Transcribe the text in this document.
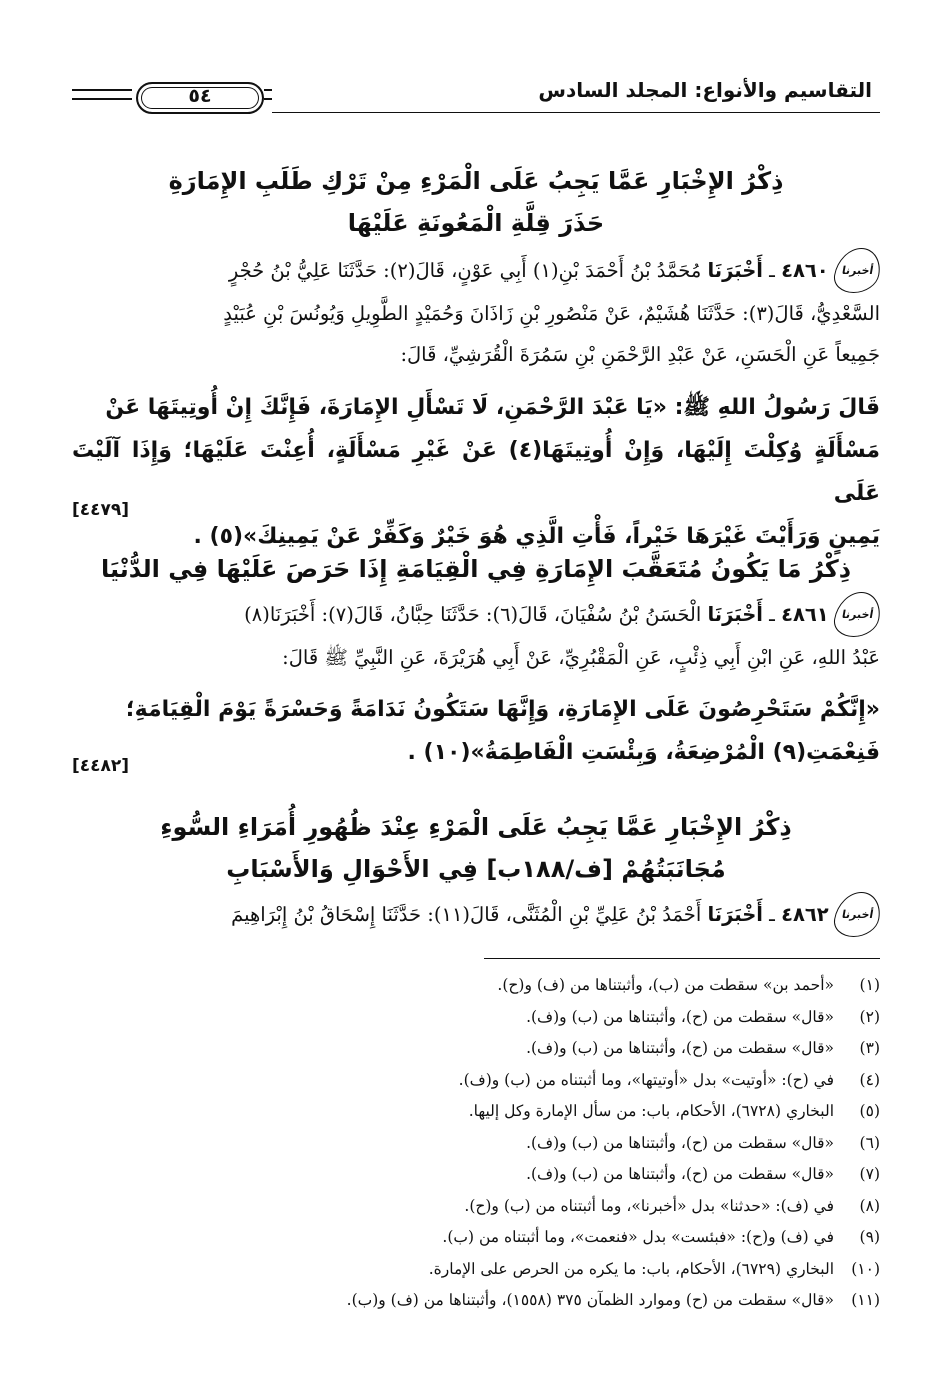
التقاسيم والأنواع: المجلد السادس
٥٤
ذِكْرُ الإِخْبَارِ عَمَّا يَجِبُ عَلَى الْمَرْءِ مِنْ تَرْكِ طَلَبِ الإِمَارَةِ
حَذَرَ قِلَّةِ الْمَعُونَةِ عَلَيْهَا
أخبرنا٤٨٦٠ ـ أَخْبَرَنَا مُحَمَّدُ بْنُ أَحْمَدَ بْنِ(١) أَبِي عَوْنٍ، قَالَ(٢): حَدَّثَنَا عَلِيُّ بْنُ حُجْرٍ
السَّعْدِيُّ، قَالَ(٣): حَدَّثَنَا هُشَيْمٌ، عَنْ مَنْصُورِ بْنِ زَاذَانَ وَحُمَيْدٍ الطَّوِيلِ وَيُونُسَ بْنِ عُبَيْدٍ
جَمِيعاً عَنِ الْحَسَنِ، عَنْ عَبْدِ الرَّحْمَنِ بْنِ سَمُرَةَ الْقُرَشِيِّ، قَالَ:
قَالَ رَسُولُ اللهِ ﷺ: «يَا عَبْدَ الرَّحْمَنِ، لَا تَسْأَلِ الإِمَارَةَ، فَإِنَّكَ إِنْ أُوتِيتَهَا عَنْ
مَسْأَلَةٍ وُكِلْتَ إِلَيْهَا، وَإِنْ أُوتِيتَهَا(٤) عَنْ غَيْرِ مَسْأَلَةٍ، أُعِنْتَ عَلَيْهَا؛ وَإِذَا آلَيْتَ عَلَى
يَمِينٍ وَرَأَيْتَ غَيْرَهَا خَيْراً، فَأْتِ الَّذِي هُوَ خَيْرٌ وَكَفِّرْ عَنْ يَمِينِكَ»(٥) .
[٤٤٧٩]
ذِكْرُ مَا يَكُونُ مُتَعَقَّبَ الإِمَارَةِ فِي الْقِيَامَةِ إِذَا حَرَصَ عَلَيْهَا فِي الدُّنْيَا
أخبرنا٤٨٦١ ـ أَخْبَرَنَا الْحَسَنُ بْنُ سُفْيَانَ، قَالَ(٦): حَدَّثَنَا حِبَّانُ، قَالَ(٧): أَخْبَرَنَا(٨)
عَبْدُ اللهِ، عَنِ ابْنِ أَبِي ذِئْبٍ، عَنِ الْمَقْبُرِيِّ، عَنْ أَبِي هُرَيْرَةَ، عَنِ النَّبِيِّ ﷺ قَالَ:
«إِنَّكُمْ سَتَحْرِصُونَ عَلَى الإِمَارَةِ، وَإِنَّهَا سَتَكُونُ نَدَامَةً وَحَسْرَةً يَوْمَ الْقِيَامَةِ؛
فَنِعْمَتِ(٩) الْمُرْضِعَةُ، وَبِئْسَتِ الْفَاطِمَةُ»(١٠) .
[٤٤٨٢]
ذِكْرُ الإِخْبَارِ عَمَّا يَجِبُ عَلَى الْمَرْءِ عِنْدَ ظُهُورِ أُمَرَاءِ السُّوءِ
مُجَانَبَتُهُمْ [ف/١٨٨ب] فِي الأَحْوَالِ وَالأَسْبَابِ
أخبرنا٤٨٦٢ ـ أَخْبَرَنَا أَحْمَدُ بْنُ عَلِيِّ بْنِ الْمُثَنَّى، قَالَ(١١): حَدَّثَنَا إِسْحَاقُ بْنُ إِبْرَاهِيمَ
(١)«أحمد بن» سقطت من (ب)، وأثبتناها من (ف) و(ح).
(٢)«قال» سقطت من (ح)، وأثبتناها من (ب) و(ف).
(٣)«قال» سقطت من (ح)، وأثبتناها من (ب) و(ف).
(٤)في (ح): «أوتيت» بدل «أوتيتها»، وما أثبتناه من (ب) و(ف).
(٥)البخاري (٦٧٢٨)، الأحكام، باب: من سأل الإمارة وكل إليها.
(٦)«قال» سقطت من (ح)، وأثبتناها من (ب) و(ف).
(٧)«قال» سقطت من (ح)، وأثبتناها من (ب) و(ف).
(٨)في (ف): «حدثنا» بدل «أخبرنا»، وما أثبتناه من (ب) و(ح).
(٩)في (ف) و(ح): «فبئست» بدل «فنعمت»، وما أثبتناه من (ب).
(١٠)البخاري (٦٧٢٩)، الأحكام، باب: ما يكره من الحرص على الإمارة.
(١١)«قال» سقطت من (ح) وموارد الظمآن ٣٧٥ (١٥٥٨)، وأثبتناها من (ف) و(ب).
